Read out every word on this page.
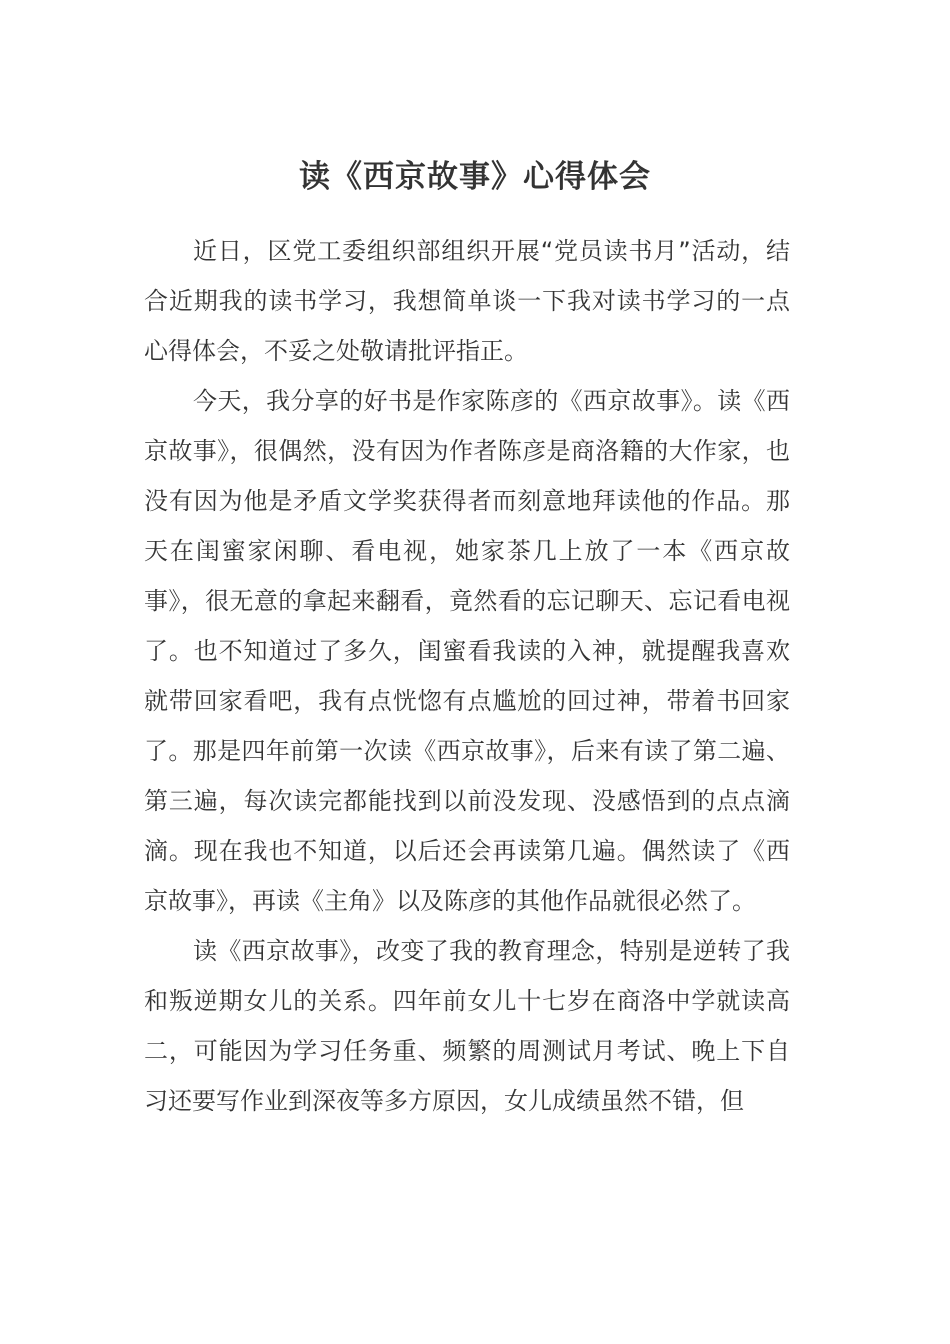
读《西京故事》心得体会

近日，区党工委组织部组织开展“党员读书月”活动，结合近期我的读书学习，我想简单谈一下我对读书学习的一点心得体会，不妥之处敬请批评指正。

今天，我分享的好书是作家陈彦的《西京故事》。读《西京故事》，很偶然，没有因为作者陈彦是商洛籍的大作家，也没有因为他是矛盾文学奖获得者而刻意地拜读他的作品。那天在闺蜜家闲聊、看电视，她家茶几上放了一本《西京故事》，很无意的拿起来翻看，竟然看的忘记聊天、忘记看电视了。也不知道过了多久，闺蜜看我读的入神，就提醒我喜欢就带回家看吧，我有点恍惚有点尴尬的回过神，带着书回家了。那是四年前第一次读《西京故事》，后来有读了第二遍、第三遍，每次读完都能找到以前没发现、没感悟到的点点滴滴。现在我也不知道，以后还会再读第几遍。偶然读了《西京故事》，再读《主角》以及陈彦的其他作品就很必然了。

读《西京故事》，改变了我的教育理念，特别是逆转了我和叛逆期女儿的关系。四年前女儿十七岁在商洛中学就读高二，可能因为学习任务重、频繁的周测试月考试、晚上下自习还要写作业到深夜等多方原因，女儿成绩虽然不错，但
